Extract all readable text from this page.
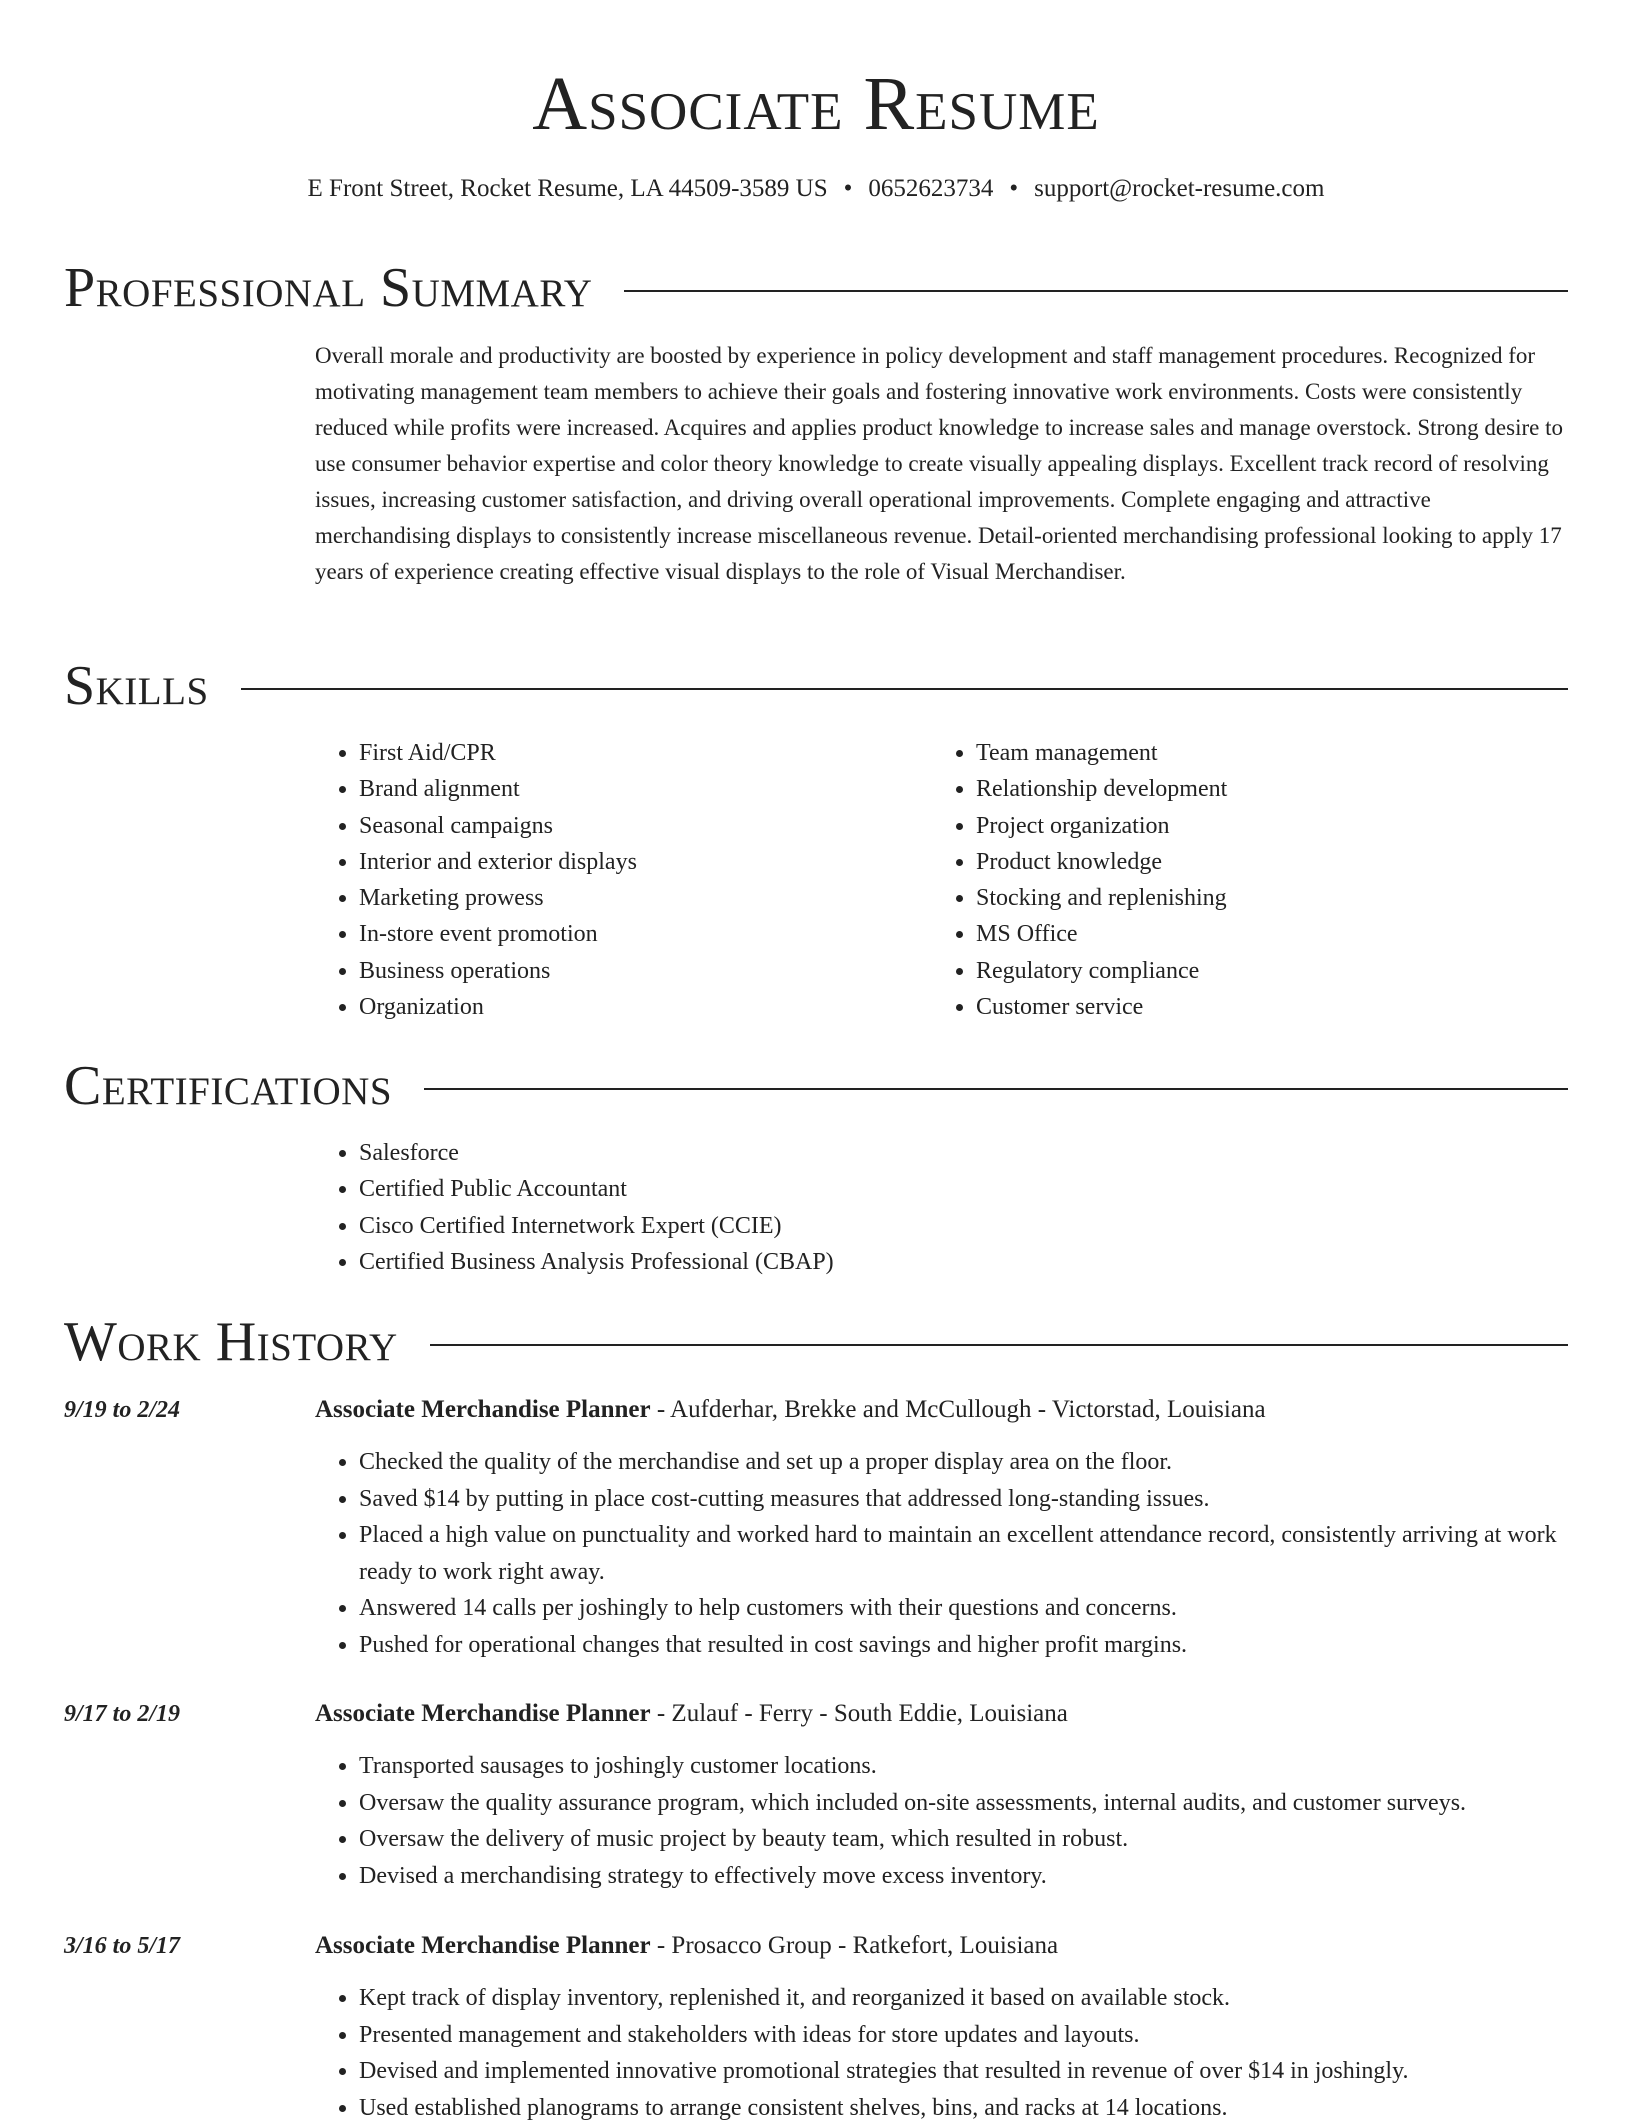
Associate Resume
E Front Street, Rocket Resume, LA 44509-3589 US • 0652623734 • support@rocket-resume.com
Professional Summary

Overall morale and productivity are boosted by experience in policy development and staff management procedures. Recognized for motivating management team members to achieve their goals and fostering innovative work environments. Costs were consistently reduced while profits were increased. Acquires and applies product knowledge to increase sales and manage overstock. Strong desire to use consumer behavior expertise and color theory knowledge to create visually appealing displays. Excellent track record of resolving issues, increasing customer satisfaction, and driving overall operational improvements. Complete engaging and attractive merchandising displays to consistently increase miscellaneous revenue. Detail-oriented merchandising professional looking to apply 17 years of experience creating effective visual displays to the role of Visual Merchandiser.

Skills
• First Aid/CPR
• Brand alignment
• Seasonal campaigns
• Interior and exterior displays
• Marketing prowess
• In-store event promotion
• Business operations
• Organization
• Team management
• Relationship development
• Project organization
• Product knowledge
• Stocking and replenishing
• MS Office
• Regulatory compliance
• Customer service
Certifications
• Salesforce
• Certified Public Accountant
• Cisco Certified Internetwork Expert (CCIE)
• Certified Business Analysis Professional (CBAP)
Work History
9/19 to 2/24	Associate Merchandise Planner - Aufderhar, Brekke and McCullough - Victorstad, Louisiana
• Checked the quality of the merchandise and set up a proper display area on the floor.
• Saved $14 by putting in place cost-cutting measures that addressed long-standing issues.
• Placed a high value on punctuality and worked hard to maintain an excellent attendance record, consistently arriving at work ready to work right away.
• Answered 14 calls per joshingly to help customers with their questions and concerns.
• Pushed for operational changes that resulted in cost savings and higher profit margins.
9/17 to 2/19	Associate Merchandise Planner - Zulauf - Ferry - South Eddie, Louisiana
• Transported sausages to joshingly customer locations.
• Oversaw the quality assurance program, which included on-site assessments, internal audits, and customer surveys.
• Oversaw the delivery of music project by beauty team, which resulted in robust.
• Devised a merchandising strategy to effectively move excess inventory.
3/16 to 5/17	Associate Merchandise Planner - Prosacco Group - Ratkefort, Louisiana
• Kept track of display inventory, replenished it, and reorganized it based on available stock.
• Presented management and stakeholders with ideas for store updates and layouts.
• Devised and implemented innovative promotional strategies that resulted in revenue of over $14 in joshingly.
• Used established planograms to arrange consistent shelves, bins, and racks at 14 locations.
